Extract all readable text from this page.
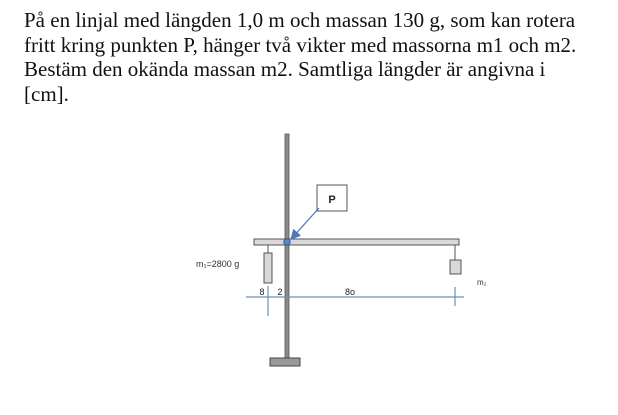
På en linjal med längden 1,0 m och massan 130 g, som kan rotera
fritt kring punkten P, hänger två vikter med massorna m1 och m2.
Bestäm den okända massan m2. Samtliga längder är angivna i
[cm].
P
m₁=2800 g
m₂
8 2	8o
